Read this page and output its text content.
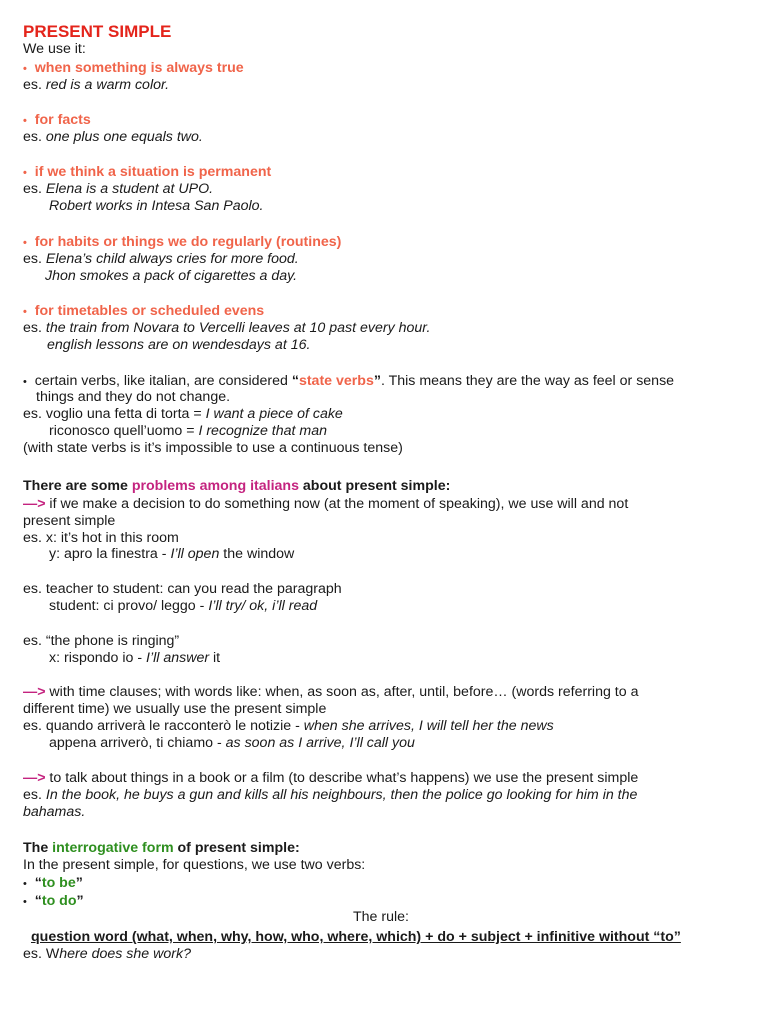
PRESENT SIMPLE
We use it:
• when something is always true
es. red is a warm color.
• for facts
es. one plus one equals two.
• if we think a situation is permanent
es. Elena is a student at UPO.
Robert works in Intesa San Paolo.
• for habits or things we do regularly (routines)
es. Elena’s child always cries for more food.
Jhon smokes a pack of cigarettes a day.
• for timetables or scheduled evens
es. the train from Novara to Vercelli leaves at 10 past every hour.
english lessons are on wendesdays at 16.
• certain verbs, like italian, are considered “state verbs”. This means they are the way as feel or sense
things and they do not change.
es. voglio una fetta di torta = I want a piece of cake
riconosco quell’uomo = I recognize that man
(with state verbs is it’s impossible to use a continuous tense)
There are some problems among italians about present simple:
—> if we make a decision to do something now (at the moment of speaking), we use will and not
present simple
es. x: it’s hot in this room
y: apro la finestra - I’ll open the window
es. teacher to student: can you read the paragraph
student: ci provo/ leggo - I’ll try/ ok, i’ll read
es. “the phone is ringing”
x: rispondo io - I’ll answer it
—> with time clauses; with words like: when, as soon as, after, until, before… (words referring to a
different time) we usually use the present simple
es. quando arriverà le racconterò le notizie - when she arrives, I will tell her the news
appena arriverò, ti chiamo - as soon as I arrive, I’ll call you
—> to talk about things in a book or a film (to describe what’s happens) we use the present simple
es. In the book, he buys a gun and kills all his neighbours, then the police go looking for him in the
bahamas.
The interrogative form of present simple:
In the present simple, for questions, we use two verbs:
• “to be”
• “to do”
The rule:
question word (what, when, why, how, who, where, which) + do + subject + infinitive without “to”
es. Where does she work?
